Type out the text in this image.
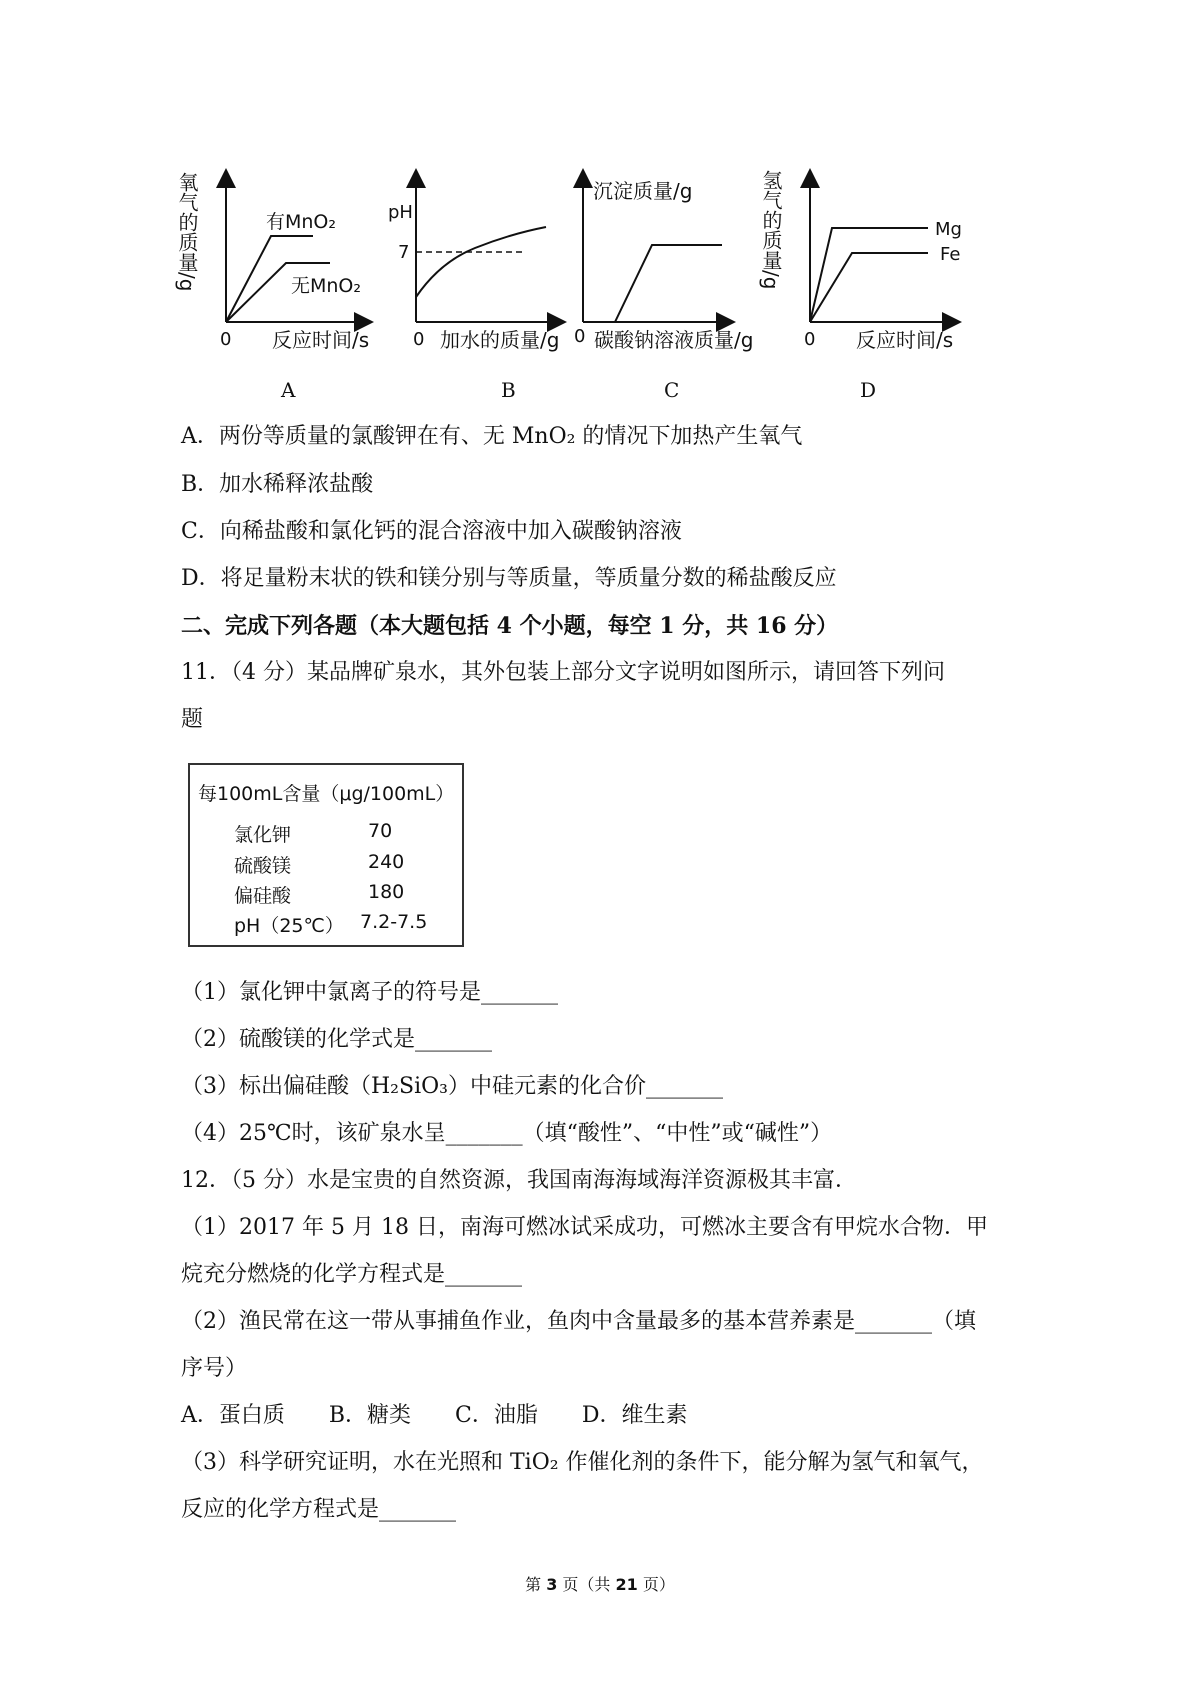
氧气的质量/g
0 反应时间/s
有MnO₂
无MnO₂
pH
7
0 加水的质量/g
沉淀质量/g
0 碳酸钠溶液质量/g
氢气的质量/g	Mg
Fe
0 反应时间/s
A	B	C	D
A．两份等质量的氯酸钾在有、无 MnO₂ 的情况下加热产生氧气
B．加水稀释浓盐酸
C．向稀盐酸和氯化钙的混合溶液中加入碳酸钠溶液
D．将足量粉末状的铁和镁分别与等质量，等质量分数的稀盐酸反应
二、完成下列各题（本大题包括 4 个小题，每空 1 分，共 16 分）
11．（4 分）某品牌矿泉水，其外包装上部分文字说明如图所示，请回答下列问
题
每100mL含量（μg/100mL）
氯化钾	70
硫酸镁	240
偏硅酸	180
pH（25℃） 7.2-7.5
（1）氯化钾中氯离子的符号是_______
（2）硫酸镁的化学式是_______
（3）标出偏硅酸（H₂SiO₃）中硅元素的化合价_______
（4）25℃时，该矿泉水呈_______（填“酸性”、“中性”或“碱性”）
12．（5 分）水是宝贵的自然资源，我国南海海域海洋资源极其丰富．
（1）2017 年 5 月 18 日，南海可燃冰试采成功，可燃冰主要含有甲烷水合物．甲
烷充分燃烧的化学方程式是_______
（2）渔民常在这一带从事捕鱼作业，鱼肉中含量最多的基本营养素是_______（填
序号）
A．蛋白质　　B．糖类　　C．油脂　　D．维生素
（3）科学研究证明，水在光照和 TiO₂ 作催化剂的条件下，能分解为氢气和氧气，
反应的化学方程式是_______
第 3 页（共 21 页）
